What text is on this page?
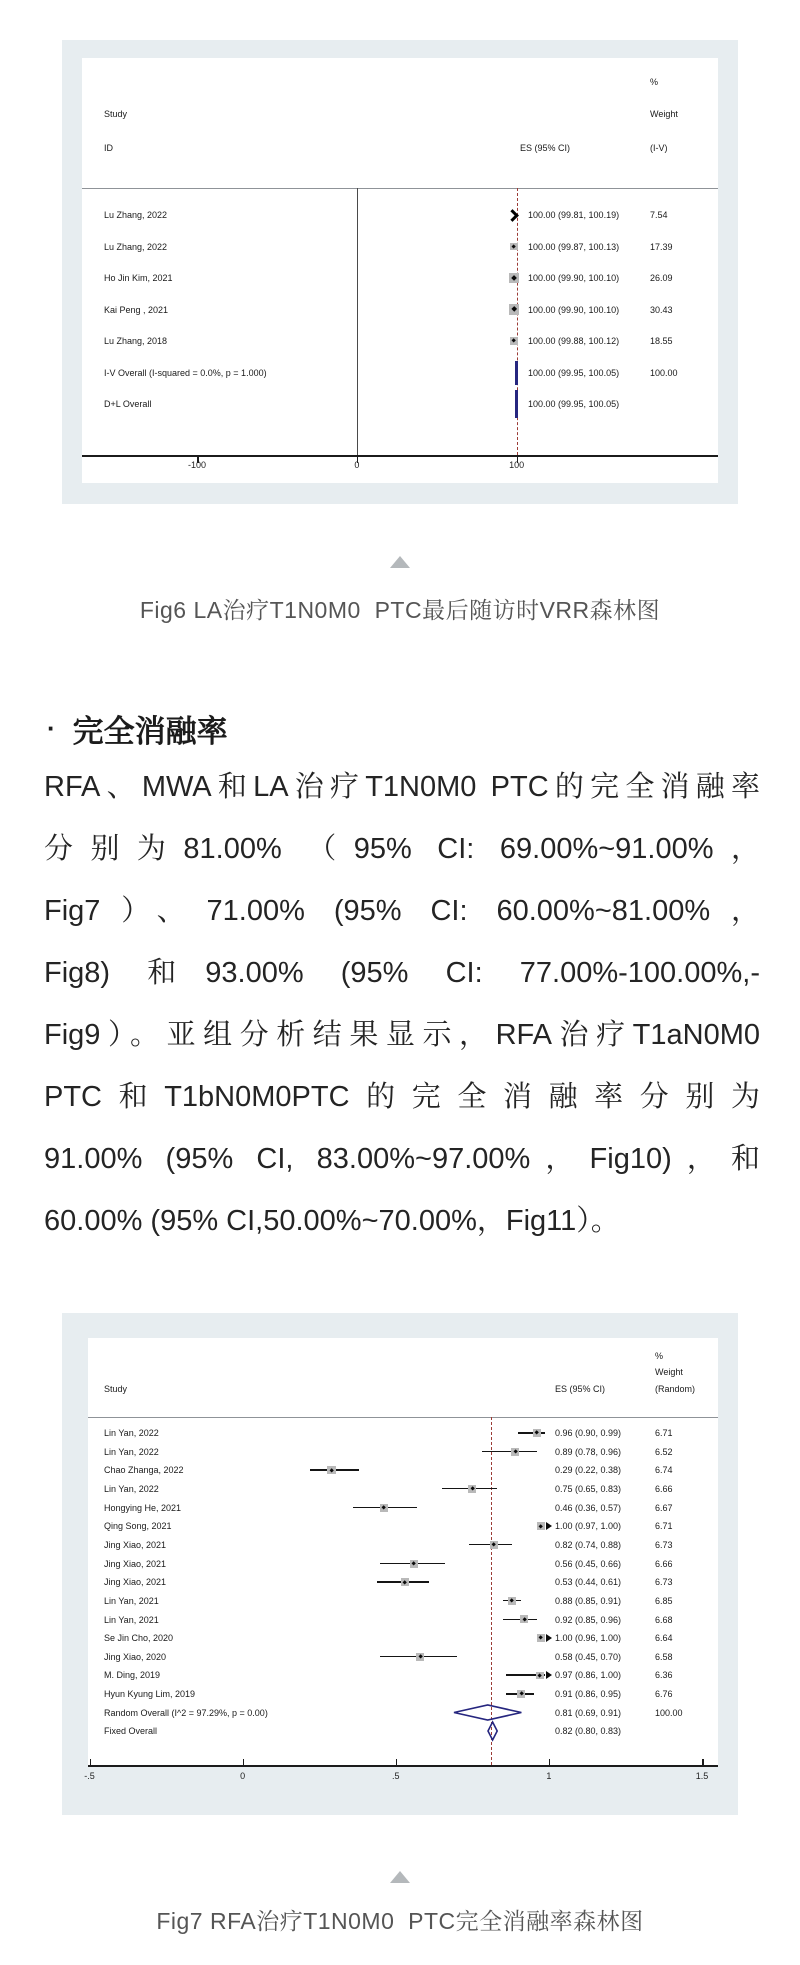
%
Study	Weight
ID	ES (95% CI)	(I-V)
Lu Zhang, 2022	100.00 (99.81, 100.19)	7.54
Lu Zhang, 2022	100.00 (99.87, 100.13)	17.39
Ho Jin Kim, 2021	100.00 (99.90, 100.10)	26.09
Kai Peng , 2021	100.00 (99.90, 100.10)	30.43
Lu Zhang, 2018	100.00 (99.88, 100.12)	18.55
I-V Overall (I-squared = 0.0%, p = 1.000)	100.00 (99.95, 100.05)	100.00
D+L Overall	100.00 (99.95, 100.05)
-100	0	100

Fig6 LA治疗T1N0M0  PTC最后随访时VRR森林图

· 完全消融率
RFA、MWA和LA治疗T1N0M0 PTC的完全消融率
分别为81.00% （95% CI: 69.00%~91.00%，
Fig7）、71.00% (95% CI: 60.00%~81.00%，
Fig8) 和93.00% (95% CI: 77.00%-100.00%,-
Fig9）。亚组分析结果显示，RFA治疗T1aN0M0
PTC和T1bN0M0PTC的完全消融率分别为
91.00% (95% CI, 83.00%~97.00%，Fig10)，和
60.00% (95% CI,50.00%~70.00%，Fig11）。
%
Weight
Study	ES (95% CI)	(Random)
Lin Yan, 2022	0.96 (0.90, 0.99)	6.71
Lin Yan, 2022	0.89 (0.78, 0.96)	6.52
Chao Zhanga, 2022	0.29 (0.22, 0.38)	6.74
Lin Yan, 2022	0.75 (0.65, 0.83)	6.66
Hongying He, 2021	0.46 (0.36, 0.57)	6.67
Qing Song, 2021	1.00 (0.97, 1.00)	6.71
Jing Xiao, 2021	0.82 (0.74, 0.88)	6.73
Jing Xiao, 2021	0.56 (0.45, 0.66)	6.66
Jing Xiao, 2021	0.53 (0.44, 0.61)	6.73
Lin Yan, 2021	0.88 (0.85, 0.91)	6.85
Lin Yan, 2021	0.92 (0.85, 0.96)	6.68
Se Jin Cho, 2020	1.00 (0.96, 1.00)	6.64
Jing Xiao, 2020	0.58 (0.45, 0.70)	6.58
M. Ding, 2019	0.97 (0.86, 1.00)	6.36
Hyun Kyung Lim, 2019	0.91 (0.86, 0.95)	6.76
Random Overall (I^2 = 97.29%, p = 0.00)	0.81 (0.69, 0.91)	100.00
Fixed Overall	0.82 (0.80, 0.83)
-.5	0	.5	1	1.5

Fig7 RFA治疗T1N0M0  PTC完全消融率森林图
